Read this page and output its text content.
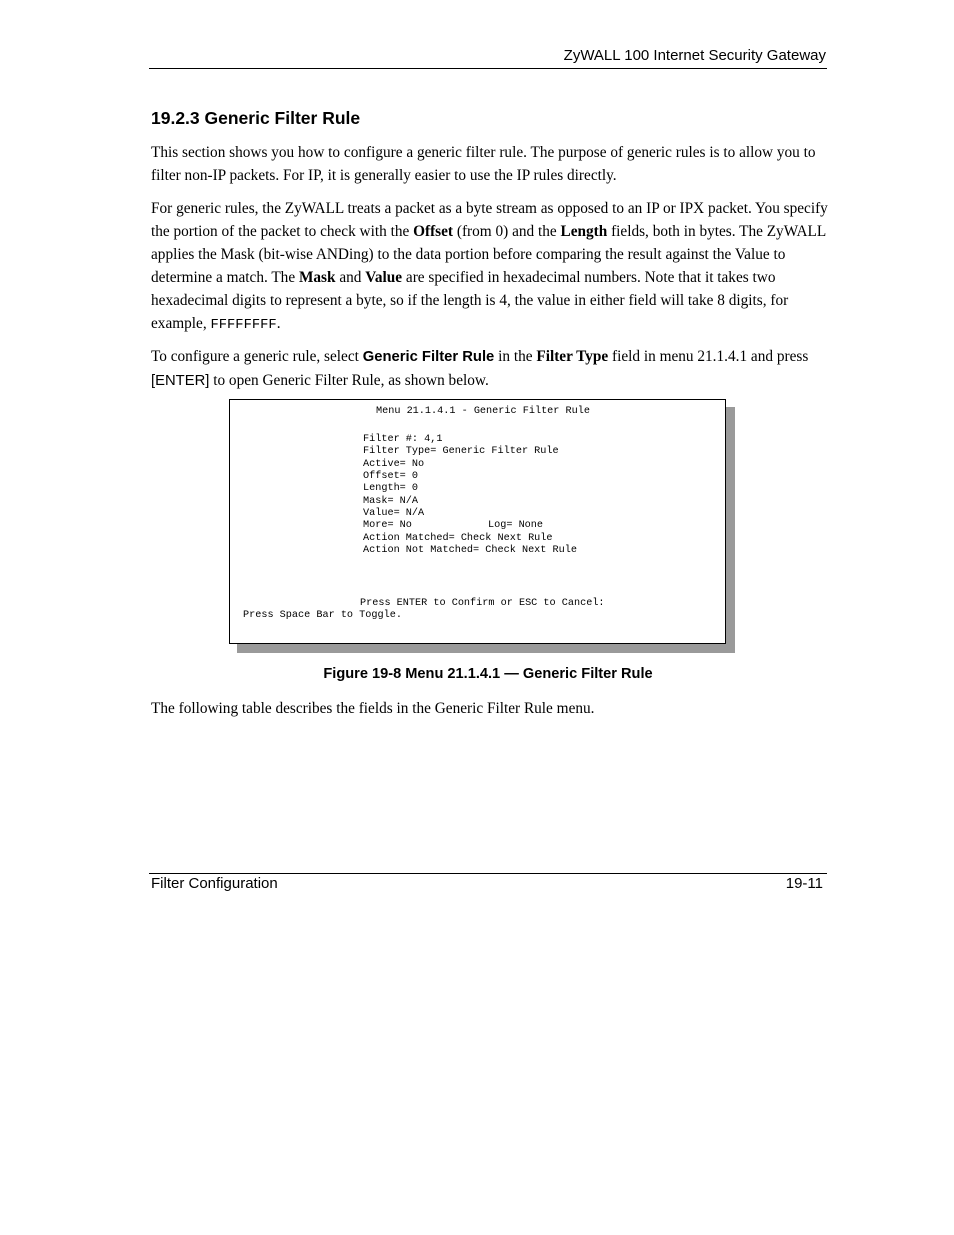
ZyWALL 100 Internet Security Gateway
19.2.3 Generic Filter Rule

This section shows you how to configure a generic filter rule. The purpose of generic rules is to allow you to filter non-IP packets. For IP, it is generally easier to use the IP rules directly.

For generic rules, the ZyWALL treats a packet as a byte stream as opposed to an IP or IPX packet. You specify the portion of the packet to check with the Offset (from 0) and the Length fields, both in bytes. The ZyWALL applies the Mask (bit-wise ANDing) to the data portion before comparing the result against the Value to determine a match. The Mask and Value are specified in hexadecimal numbers. Note that it takes two hexadecimal digits to represent a byte, so if the length is 4, the value in either field will take 8 digits, for example, FFFFFFFF.

To configure a generic rule, select Generic Filter Rule in the Filter Type field in menu 21.1.4.1 and press [ENTER] to open Generic Filter Rule, as shown below.

Menu 21.1.4.1 - Generic Filter Rule
Filter #: 4,1
Filter Type= Generic Filter Rule
Active= No
Offset= 0
Length= 0
Mask= N/A
Value= N/A
More= No	Log= None
Action Matched= Check Next Rule
Action Not Matched= Check Next Rule
Press ENTER to Confirm or ESC to Cancel:
Press Space Bar to Toggle.
Figure 19-8 Menu 21.1.4.1 — Generic Filter Rule

The following table describes the fields in the Generic Filter Rule menu.

Filter Configuration	19-11
